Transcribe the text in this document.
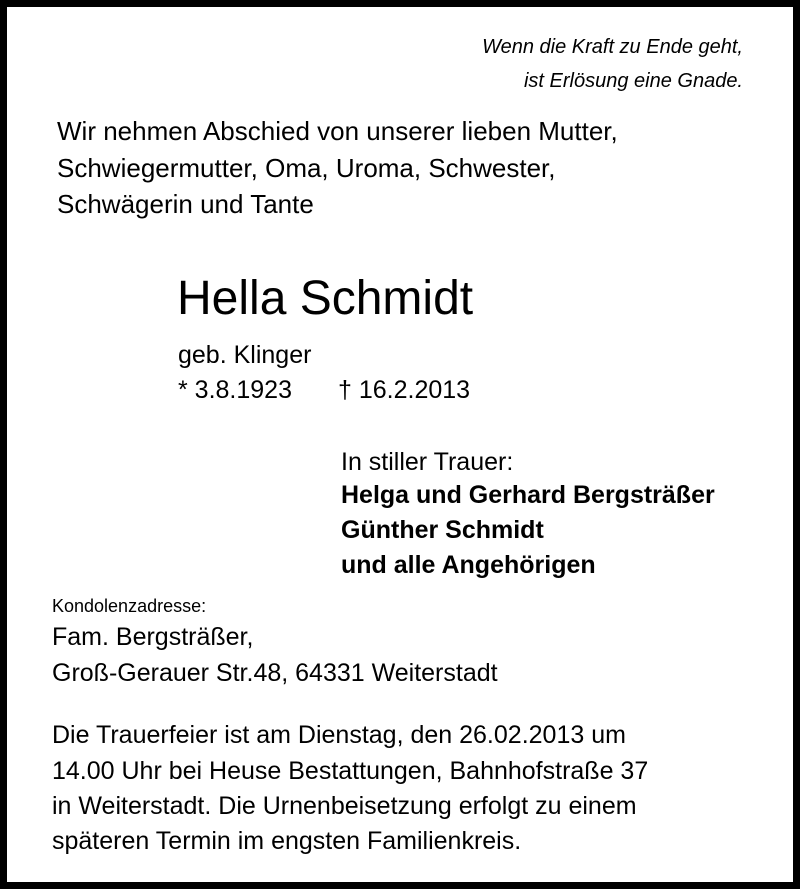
Wenn die Kraft zu Ende geht,
ist Erlösung eine Gnade.
Wir nehmen Abschied von unserer lieben Mutter,
Schwiegermutter, Oma, Uroma, Schwester,
Schwägerin und Tante
Hella Schmidt
geb. Klinger
* 3.8.1923 † 16.2.2013
In stiller Trauer:
Helga und Gerhard Bergsträßer
Günther Schmidt
und alle Angehörigen
Kondolenzadresse:
Fam. Bergsträßer,
Groß-Gerauer Str.48, 64331 Weiterstadt
Die Trauerfeier ist am Dienstag, den 26.02.2013 um
14.00 Uhr bei Heuse Bestattungen, Bahnhofstraße 37
in Weiterstadt. Die Urnenbeisetzung erfolgt zu einem
späteren Termin im engsten Familienkreis.
